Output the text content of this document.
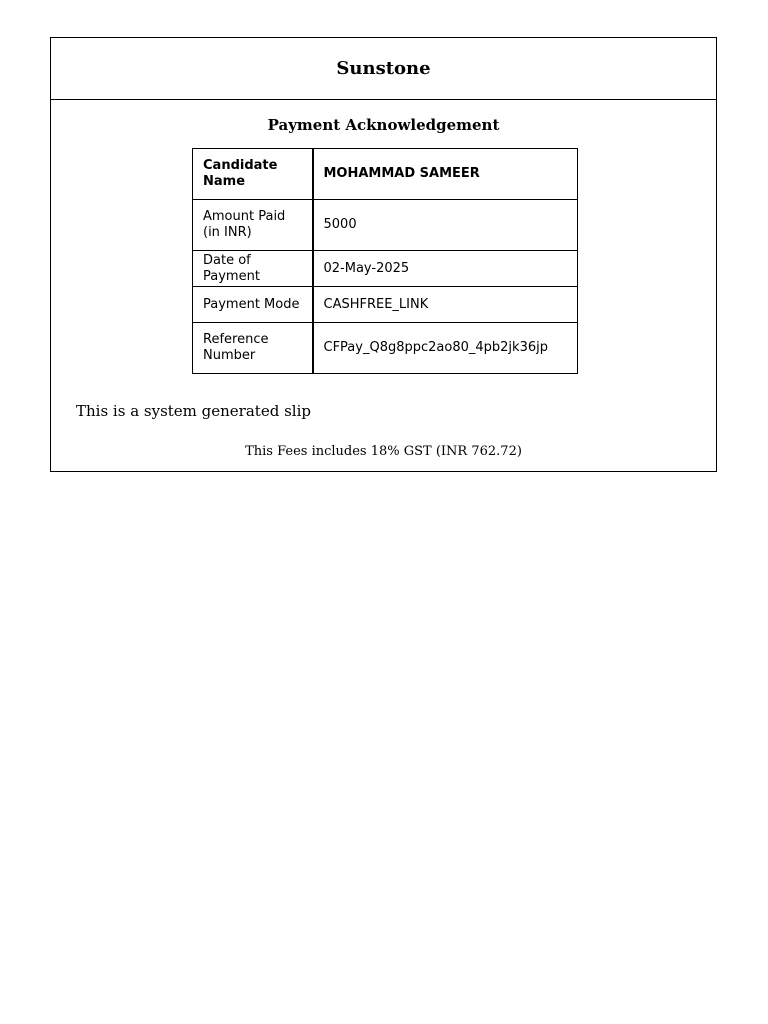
Sunstone
Payment Acknowledgement
Candidate Name	MOHAMMAD SAMEER
Amount Paid (in INR)	5000
Date of Payment	02-May-2025
Payment Mode	CASHFREE_LINK
Reference Number	CFPay_Q8g8ppc2ao80_4pb2jk36jp
This is a system generated slip
This Fees includes 18% GST (INR 762.72)
